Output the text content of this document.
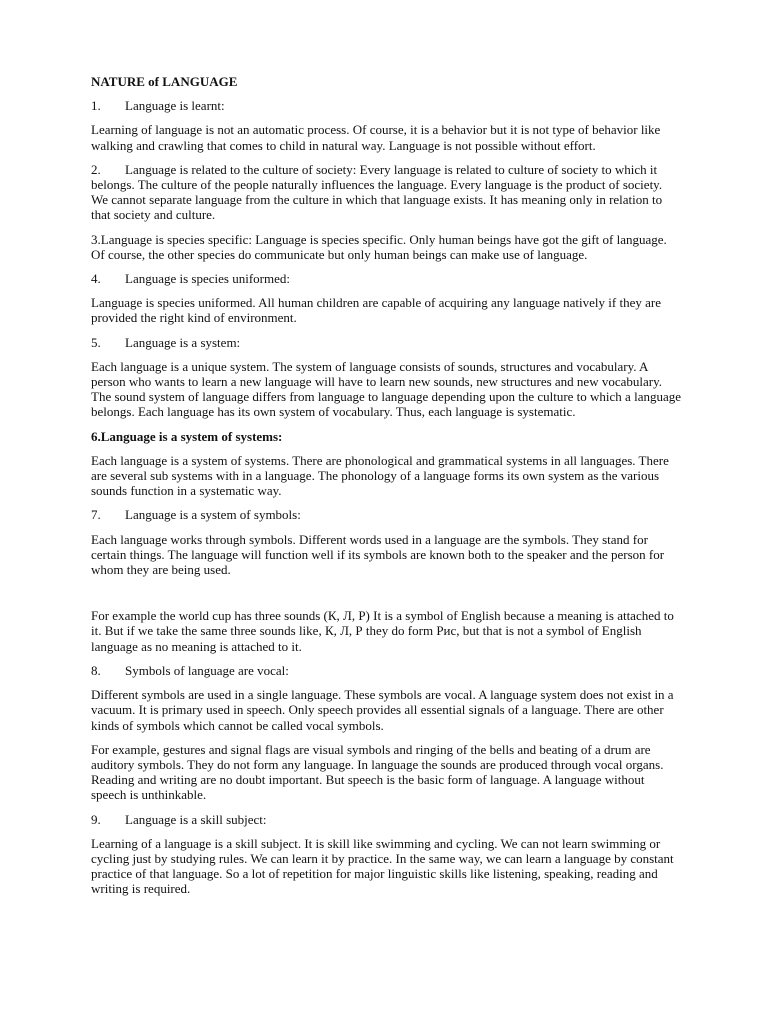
NATURE of LANGUAGE
1. Language is learnt:
Learning of language is not an automatic process. Of course, it is a behavior but it is not type of behavior like walking and crawling that comes to child in natural way. Language is not possible without effort.
2. Language is related to the culture of society: Every language is related to culture of society to which it belongs. The culture of the people naturally influences the language. Every language is the product of society. We cannot separate language from the culture in which that language exists. It has meaning only in relation to that society and culture.
3.Language is species specific: Language is species specific. Only human beings have got the gift of language. Of course, the other species do communicate but only human beings can make use of language.
4. Language is species uniformed:
Language is species uniformed. All human children are capable of acquiring any language natively if they are provided the right kind of environment.
5. Language is a system:
Each language is a unique system. The system of language consists of sounds, structures and vocabulary. A person who wants to learn a new language will have to learn new sounds, new structures and new vocabulary. The sound system of language differs from language to language depending upon the culture to which a language belongs. Each language has its own system of vocabulary. Thus, each language is systematic.
6.Language is a system of systems:
Each language is a system of systems. There are phonological and grammatical systems in all languages. There are several sub systems with in a language. The phonology of a language forms its own system as the various sounds function in a systematic way.
7. Language is a system of symbols:
Each language works through symbols. Different words used in a language are the symbols. They stand for certain things. The language will function well if its symbols are known both to the speaker and the person for whom they are being used.
For example the world cup has three sounds (К, Л, Р) It is a symbol of English because a meaning is attached to it. But if we take the same three sounds like, К, Л, Р they do form Рис, but that is not a symbol of English language as no meaning is attached to it.
8. Symbols of language are vocal:
Different symbols are used in a single language. These symbols are vocal. A language system does not exist in a vacuum. It is primary used in speech. Only speech provides all essential signals of a language. There are other kinds of symbols which cannot be called vocal symbols.
For example, gestures and signal flags are visual symbols and ringing of the bells and beating of a drum are auditory symbols. They do not form any language. In language the sounds are produced through vocal organs. Reading and writing are no doubt important. But speech is the basic form of language. A language without speech is unthinkable.
9. Language is a skill subject:
Learning of a language is a skill subject. It is skill like swimming and cycling. We can not learn swimming or cycling just by studying rules. We can learn it by practice. In the same way, we can learn a language by constant practice of that language. So a lot of repetition for major linguistic skills like listening, speaking, reading and writing is required.
